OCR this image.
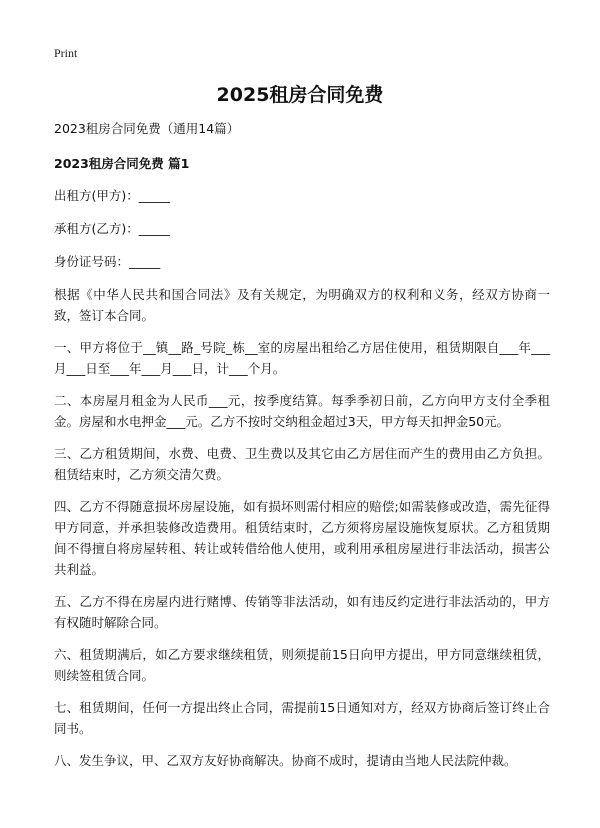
Print
2025租房合同免费

2023租房合同免费（通用14篇）

2023租房合同免费 篇1

出租方(甲方)：_____

承租方(乙方)：_____

身份证号码：_____

根据《中华人民共和国合同法》及有关规定，为明确双方的权利和义务，经双方协商一致，签订本合同。

一、甲方将位于__镇__路_号院_栋__室的房屋出租给乙方居住使用，租赁期限自___年___月___日至___年___月___日，计___个月。

二、本房屋月租金为人民币___元，按季度结算。每季季初日前，乙方向甲方支付全季租金。房屋和水电押金___元。乙方不按时交纳租金超过3天，甲方每天扣押金50元。

三、乙方租赁期间，水费、电费、卫生费以及其它由乙方居住而产生的费用由乙方负担。租赁结束时，乙方须交清欠费。

四、乙方不得随意损坏房屋设施，如有损坏则需付相应的赔偿;如需装修或改造，需先征得甲方同意，并承担装修改造费用。租赁结束时，乙方须将房屋设施恢复原状。乙方租赁期间不得擅自将房屋转租、转让或转借给他人使用，或利用承租房屋进行非法活动，损害公共利益。

五、乙方不得在房屋内进行赌博、传销等非法活动，如有违反约定进行非法活动的，甲方有权随时解除合同。

六、租赁期满后，如乙方要求继续租赁，则须提前15日向甲方提出，甲方同意继续租赁，则续签租赁合同。

七、租赁期间，任何一方提出终止合同，需提前15日通知对方，经双方协商后签订终止合同书。

八、发生争议，甲、乙双方友好协商解决。协商不成时，提请由当地人民法院仲裁。
